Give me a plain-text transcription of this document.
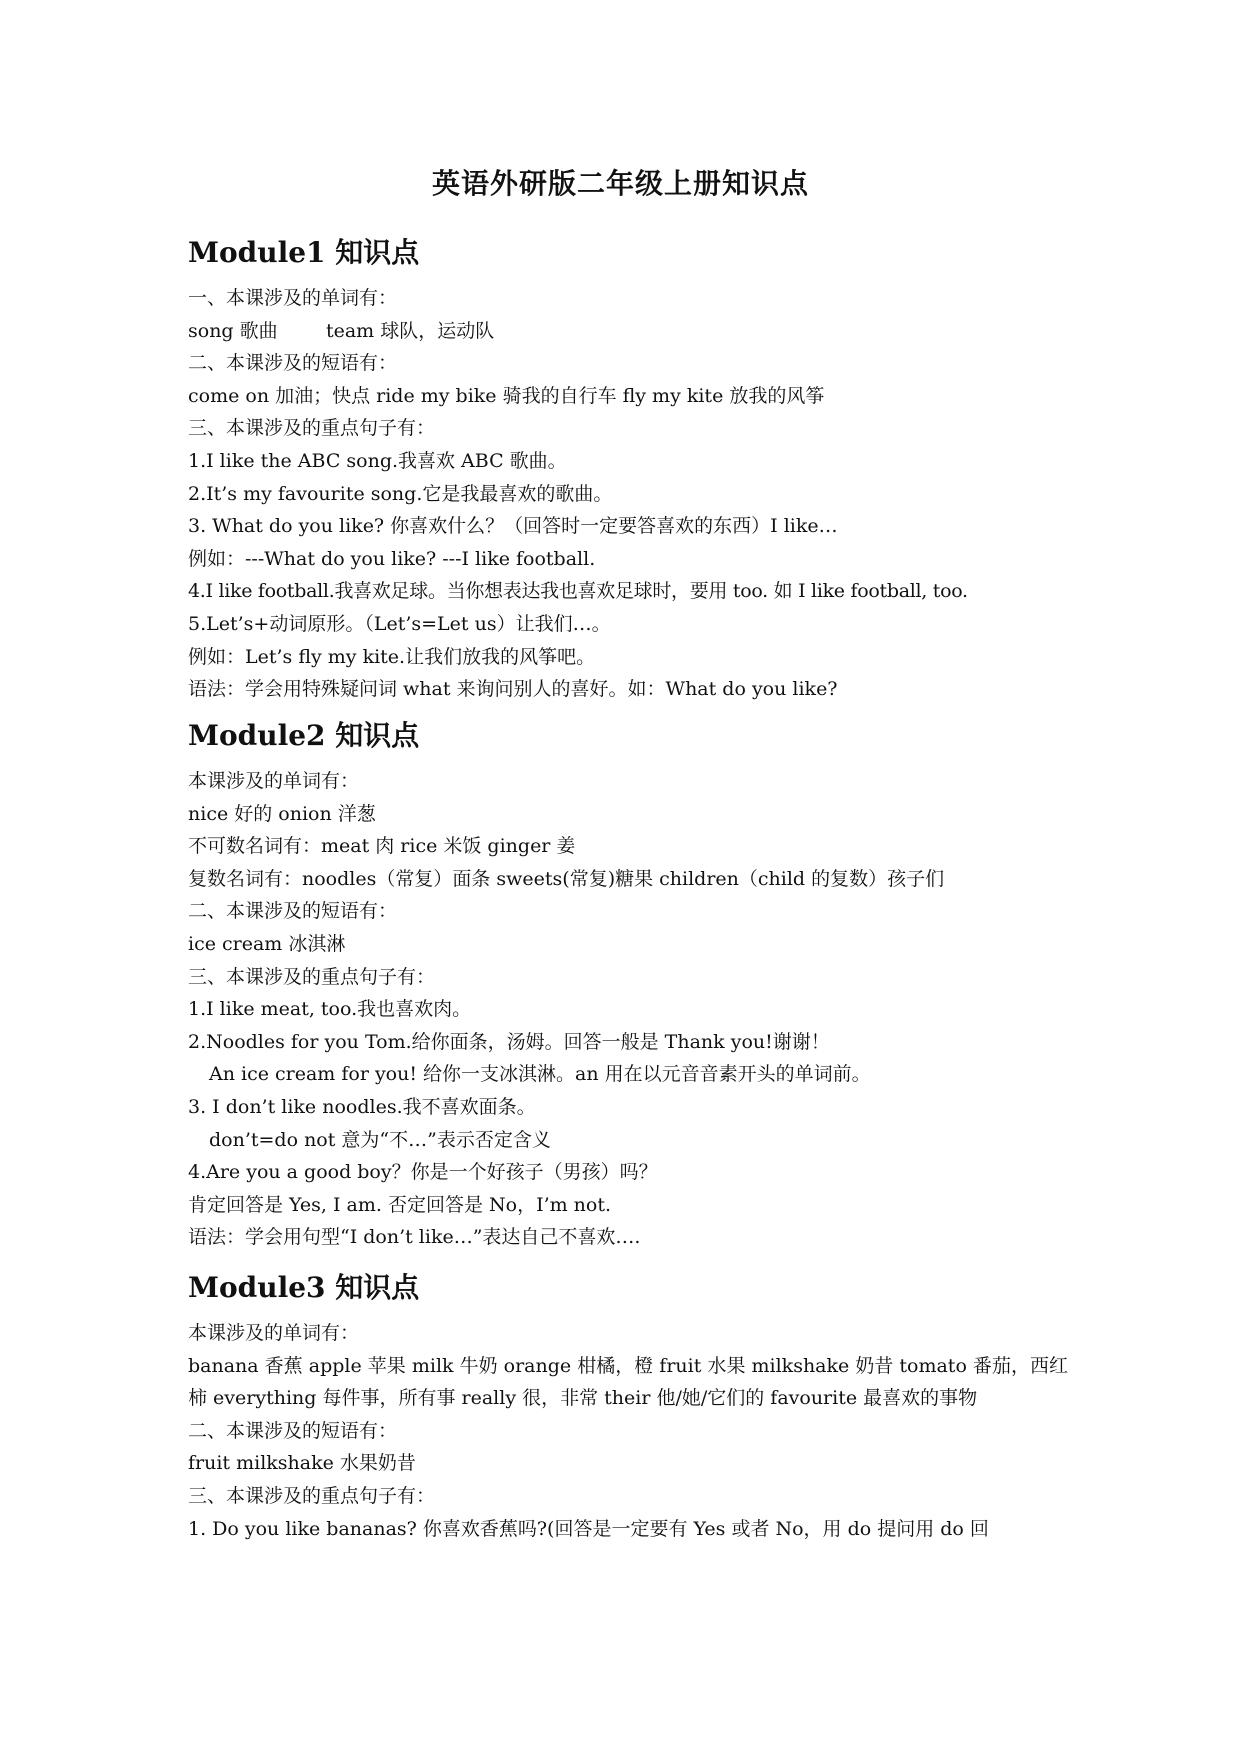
英语外研版二年级上册知识点
Module1 知识点
一、本课涉及的单词有：
song 歌曲        team 球队，运动队
二、本课涉及的短语有：
come on 加油；快点 ride my bike 骑我的自行车 fly my kite 放我的风筝
三、本课涉及的重点句子有：
1.I like the ABC song.我喜欢 ABC 歌曲。
2.It’s my favourite song.它是我最喜欢的歌曲。
3. What do you like? 你喜欢什么？（回答时一定要答喜欢的东西）I like…
例如：---What do you like? ---I like football.
4.I like football.我喜欢足球。当你想表达我也喜欢足球时，要用 too. 如 I like football, too.
5.Let’s+动词原形。（Let’s=Let us）让我们…。
例如：Let’s fly my kite.让我们放我的风筝吧。
语法：学会用特殊疑问词 what 来询问别人的喜好。如：What do you like?
Module2 知识点
本课涉及的单词有：
nice 好的 onion 洋葱
不可数名词有：meat 肉 rice 米饭 ginger 姜
复数名词有：noodles（常复）面条 sweets(常复)糖果 children（child 的复数）孩子们
二、本课涉及的短语有：
ice cream 冰淇淋
三、本课涉及的重点句子有：
1.I like meat, too.我也喜欢肉。
2.Noodles for you Tom.给你面条，汤姆。回答一般是 Thank you!谢谢！
An ice cream for you! 给你一支冰淇淋。an 用在以元音音素开头的单词前。
3. I don’t like noodles.我不喜欢面条。
don’t=do not 意为“不…”表示否定含义
4.Are you a good boy？你是一个好孩子（男孩）吗？
肯定回答是 Yes, I am. 否定回答是 No，I’m not.
语法：学会用句型“I don’t like…”表达自己不喜欢….
Module3 知识点
本课涉及的单词有：
banana 香蕉 apple 苹果 milk 牛奶 orange 柑橘，橙 fruit 水果 milkshake 奶昔 tomato 番茄，西红柿 everything 每件事，所有事 really 很，非常 their 他/她/它们的 favourite 最喜欢的事物
二、本课涉及的短语有：
fruit milkshake 水果奶昔
三、本课涉及的重点句子有：
1. Do you like bananas? 你喜欢香蕉吗?(回答是一定要有 Yes 或者 No，用 do 提问用 do 回
